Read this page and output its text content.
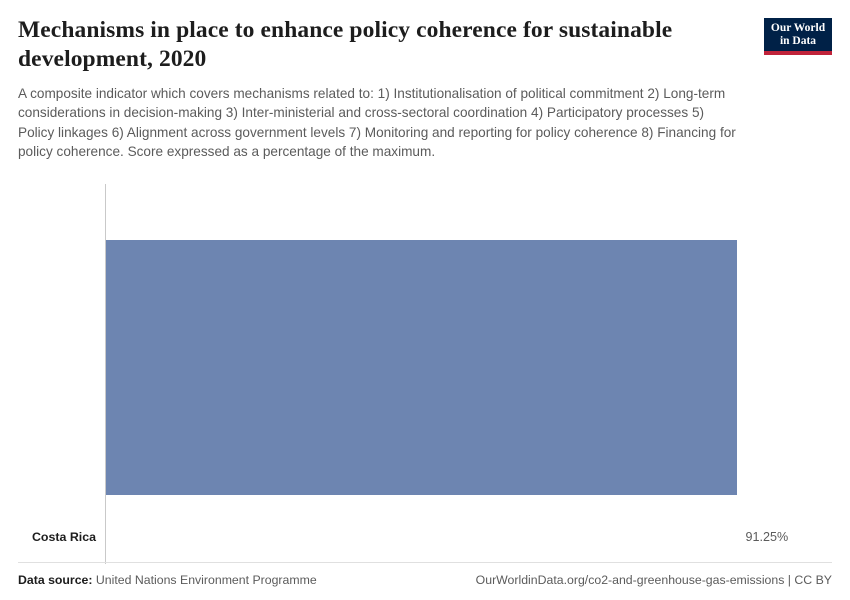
Mechanisms in place to enhance policy coherence for sustainable development, 2020

A composite indicator which covers mechanisms related to: 1) Institutionalisation of political commitment 2) Long-term considerations in decision-making 3) Inter-ministerial and cross-sectoral coordination 4) Participatory processes 5) Policy linkages 6) Alignment across government levels 7) Monitoring and reporting for policy coherence 8) Financing for policy coherence. Score expressed as a percentage of the maximum.

Our World
in Data
Costa Rica	91.25%
Data source: United Nations Environment Programme	OurWorldinData.org/co2-and-greenhouse-gas-emissions | CC BY
